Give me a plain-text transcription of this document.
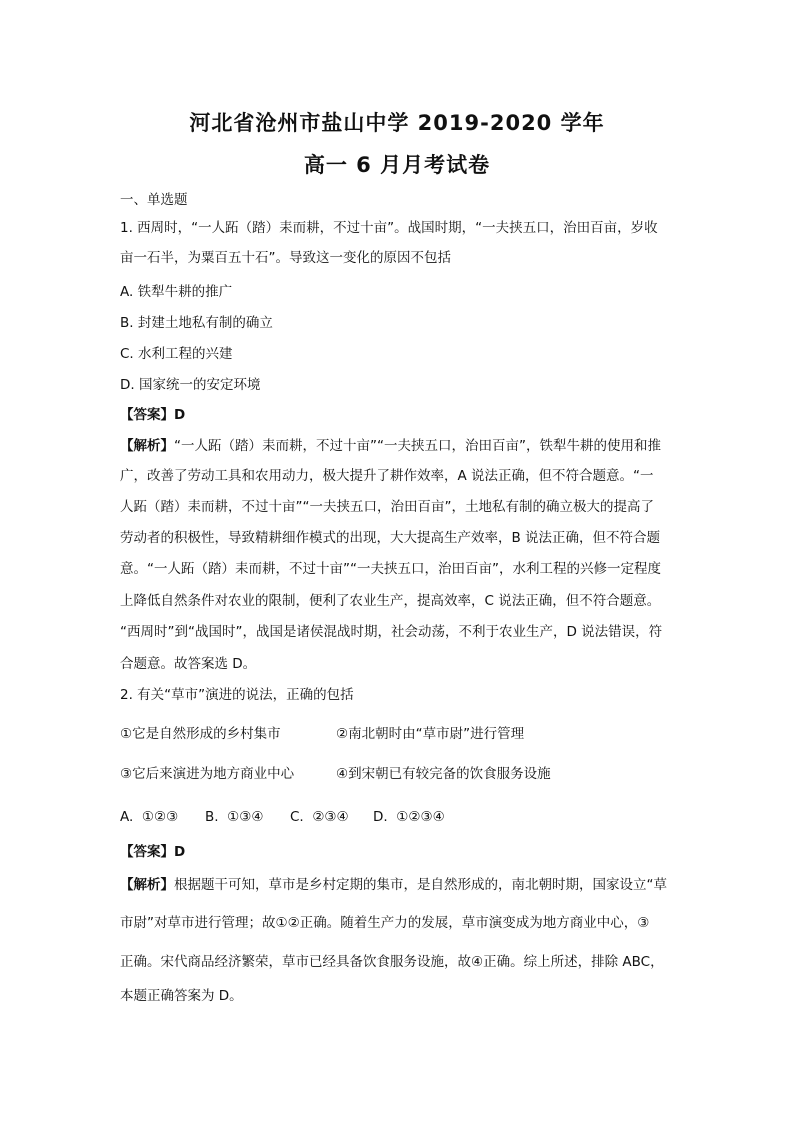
河北省沧州市盐山中学 2019-2020 学年
高一 6 月月考试卷

一、单选题

1. 西周时，“一人跖（踏）耒而耕，不过十亩”。战国时期，“一夫挟五口，治田百亩，岁收

亩一石半，为粟百五十石”。导致这一变化的原因不包括

A. 铁犁牛耕的推广

B. 封建土地私有制的确立

C. 水利工程的兴建

D. 国家统一的安定环境

【答案】D

【解析】“一人跖（踏）耒而耕，不过十亩”“一夫挟五口，治田百亩”，铁犁牛耕的使用和推

广，改善了劳动工具和农用动力，极大提升了耕作效率，A 说法正确，但不符合题意。“一

人跖（踏）耒而耕，不过十亩”“一夫挟五口，治田百亩”，土地私有制的确立极大的提高了

劳动者的积极性，导致精耕细作模式的出现，大大提高生产效率，B 说法正确，但不符合题

意。“一人跖（踏）耒而耕，不过十亩”“一夫挟五口，治田百亩”，水利工程的兴修一定程度

上降低自然条件对农业的限制，便利了农业生产，提高效率，C 说法正确，但不符合题意。

“西周时”到“战国时”，战国是诸侯混战时期，社会动荡，不利于农业生产，D 说法错误，符

合题意。故答案选 D。

2. 有关“草市”演进的说法，正确的包括

①它是自然形成的乡村集市	②南北朝时由“草市尉”进行管理
③它后来演进为地方商业中心	④到宋朝已有较完备的饮食服务设施
A. ①②③ B. ①③④ C. ②③④ D. ①②③④

【答案】D

【解析】根据题干可知，草市是乡村定期的集市，是自然形成的，南北朝时期，国家设立“草

市尉”对草市进行管理；故①②正确。随着生产力的发展，草市演变成为地方商业中心，③

正确。宋代商品经济繁荣，草市已经具备饮食服务设施，故④正确。综上所述，排除 ABC，

本题正确答案为 D。
